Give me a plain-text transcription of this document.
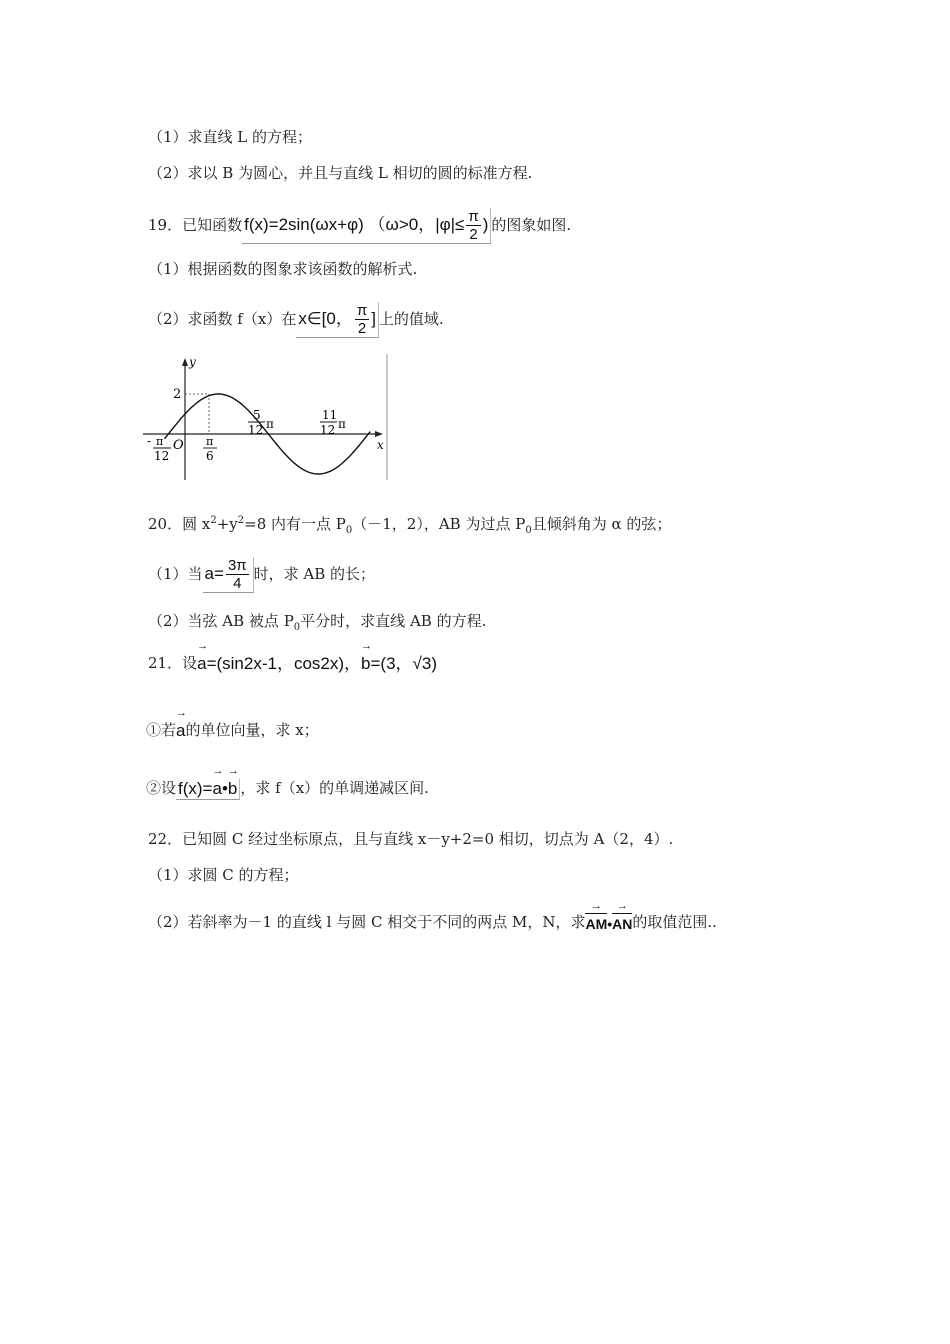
（1）求直线 L 的方程；
（2）求以 B 为圆心，并且与直线 L 相切的圆的标准方程.
19．已知函数 f(x)=2sin(ωx+φ) （ω>0，$|\varphi|\le \frac{\pi}{2}$ ) 的图象如图.
（1）根据函数的图象求该函数的解析式.
（2）求函数 f（x）在 x∈[0， $\frac{\pi}{2}$ ] 上的值域.
y
x
2
O
- π
12
π
6
5
12 π
11
12 π
20．圆 $x^2+y^2=8$ 内有一点 $P_0(-1$，2），AB 为过点 $P_0$且倾斜角为 α 的弦；
（1）当 $a= \frac{3\pi}{4}$ 时，求 AB 的长；
（2）当弦 AB 被点 $P_0$平分时，求直线 AB 的方程.
21．设→ a=(sin2x-1，cos2x)，→ b=(3，√3)
①若→ a的单位向量，求 x；
②设 f(x)=→ a•→ b ，求 f（x）的单调递减区间.
22．已知圆 C 经过坐标原点，且与直线 x－y+2=0 相切，切点为 A（2，4）.
（1）求圆 C 的方程；
（2）若斜率为－1 的直线 l 与圆 C 相交于不同的两点 M，N，求→ AM•→ AN的取值范围..
